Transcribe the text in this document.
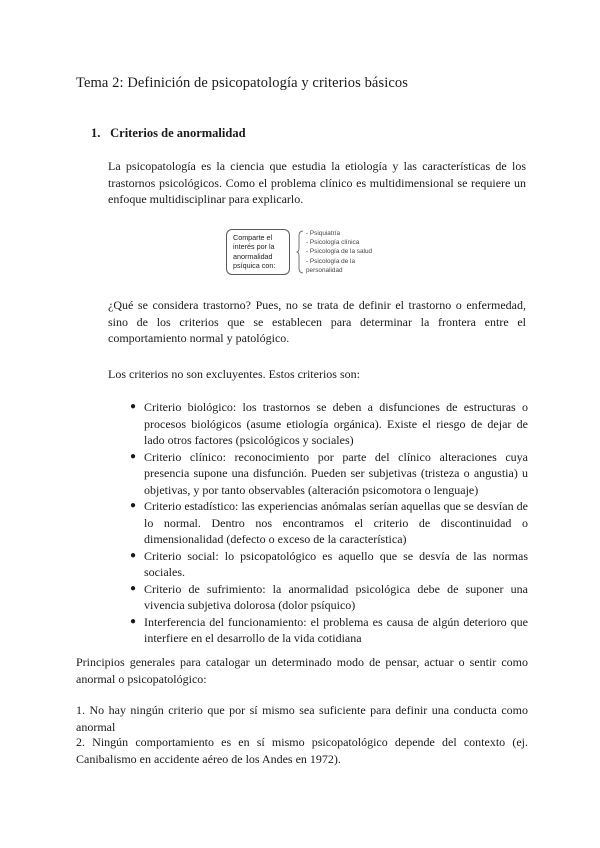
Tema 2: Definición de psicopatología y criterios básicos
1. Criterios de anormalidad

La psicopatología es la ciencia que estudia la etiología y las características de los trastornos psicológicos. Como el problema clínico es multidimensional se requiere un enfoque multidisciplinar para explicarlo.

Comparte el
interés por la
anormalidad
psíquica con:
- Psiquiatría
- Psicología clínica
- Psicología de la salud
- Psicología de la
personalidad

¿Qué se considera trastorno? Pues, no se trata de definir el trastorno o enfermedad, sino de los criterios que se establecen para determinar la frontera entre el comportamiento normal y patológico.

Los criterios no son excluyentes. Estos criterios son:

● Criterio biológico: los trastornos se deben a disfunciones de estructuras o procesos biológicos (asume etiología orgánica). Existe el riesgo de dejar de lado otros factores (psicológicos y sociales)
● Criterio clínico: reconocimiento por parte del clínico alteraciones cuya presencia supone una disfunción. Pueden ser subjetivas (tristeza o angustia) u objetivas, y por tanto observables (alteración psicomotora o lenguaje)
● Criterio estadístico: las experiencias anómalas serían aquellas que se desvían de lo normal. Dentro nos encontramos el criterio de discontinuidad o dimensionalidad (defecto o exceso de la característica)
● Criterio social: lo psicopatológico es aquello que se desvía de las normas sociales.
● Criterio de sufrimiento: la anormalidad psicológica debe de suponer una vivencia subjetiva dolorosa (dolor psíquico)
● Interferencia del funcionamiento: el problema es causa de algún deterioro que interfiere en el desarrollo de la vida cotidiana

Principios generales para catalogar un determinado modo de pensar, actuar o sentir como anormal o psicopatológico:

1. No hay ningún criterio que por sí mismo sea suficiente para definir una conducta como anormal

2. Ningún comportamiento es en sí mismo psicopatológico depende del contexto (ej. Canibalismo en accidente aéreo de los Andes en 1972).
